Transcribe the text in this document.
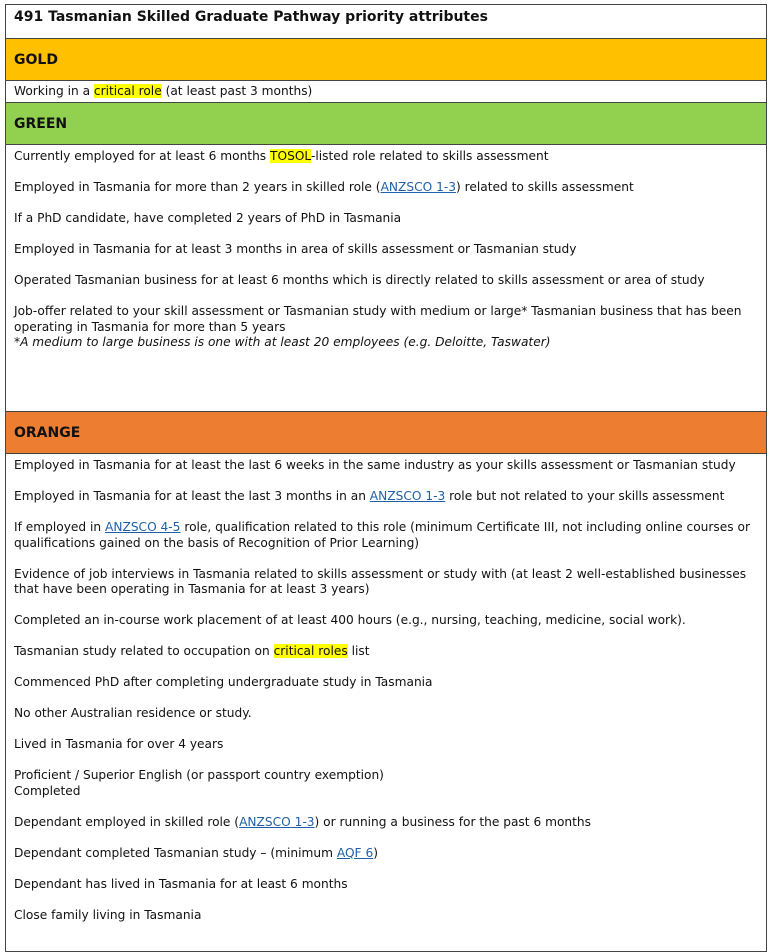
491 Tasmanian Skilled Graduate Pathway priority attributes
GOLD

Working in a critical role (at least past 3 months)

GREEN

Currently employed for at least 6 months TOSOL-listed role related to skills assessment

Employed in Tasmania for more than 2 years in skilled role (ANZSCO 1-3) related to skills assessment

If a PhD candidate, have completed 2 years of PhD in Tasmania

Employed in Tasmania for at least 3 months in area of skills assessment or Tasmanian study

Operated Tasmanian business for at least 6 months which is directly related to skills assessment or area of study

Job-offer related to your skill assessment or Tasmanian study with medium or large* Tasmanian business that has been operating in Tasmania for more than 5 years

*A medium to large business is one with at least 20 employees (e.g. Deloitte, Taswater)

ORANGE

Employed in Tasmania for at least the last 6 weeks in the same industry as your skills assessment or Tasmanian study

Employed in Tasmania for at least the last 3 months in an ANZSCO 1-3 role but not related to your skills assessment

If employed in ANZSCO 4-5 role, qualification related to this role (minimum Certificate III, not including online courses or qualifications gained on the basis of Recognition of Prior Learning)

Evidence of job interviews in Tasmania related to skills assessment or study with (at least 2 well-established businesses that have been operating in Tasmania for at least 3 years)

Completed an in-course work placement of at least 400 hours (e.g., nursing, teaching, medicine, social work).

Tasmanian study related to occupation on critical roles list

Commenced PhD after completing undergraduate study in Tasmania

No other Australian residence or study.

Lived in Tasmania for over 4 years

Proficient / Superior English (or passport country exemption)

Completed

Dependant employed in skilled role (ANZSCO 1-3) or running a business for the past 6 months

Dependant completed Tasmanian study – (minimum AQF 6)

Dependant has lived in Tasmania for at least 6 months

Close family living in Tasmania
